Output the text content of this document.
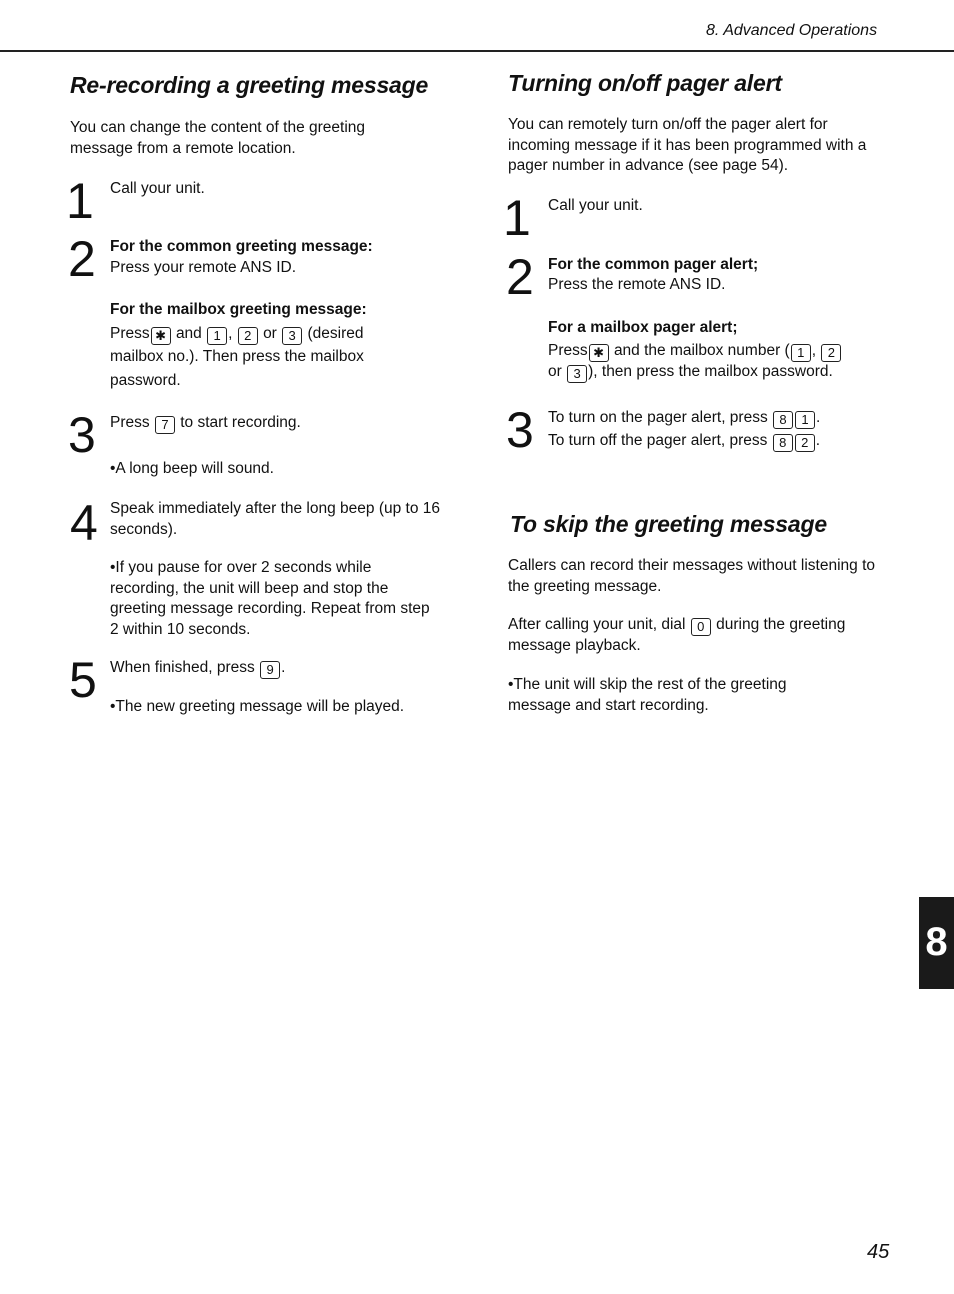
8. Advanced Operations
Re-recording a greeting message
You can change the content of the greeting message from a remote location.
1 Call your unit.
2 For the common greeting message:
Press your remote ANS ID.
For the mailbox greeting message:
Press ✱ and 1 , 2 or 3 (desired
mailbox no.). Then press the mailbox
password.
3 Press 7 to start recording.
•A long beep will sound.
4 Speak immediately after the long beep (up to 16 seconds).
•If you pause for over 2 seconds while recording, the unit will beep and stop the greeting message recording. Repeat from step 2 within 10 seconds.
5 When finished, press 9 .
•The new greeting message will be played.
Turning on/off pager alert
You can remotely turn on/off the pager alert for incoming message if it has been programmed with a pager number in advance (see page 54).
1 Call your unit.
2 For the common pager alert;
Press the remote ANS ID.
For a mailbox pager alert;
Press ✱ and the mailbox number ( 1 , 2
or 3 ), then press the mailbox password.
3 To turn on the pager alert, press 8 1 .
To turn off the pager alert, press 8 2 .
To skip the greeting message
Callers can record their messages without listening to the greeting message.
After calling your unit, dial 0 during the greeting
message playback.
•The unit will skip the rest of the greeting message and start recording.
8
45
